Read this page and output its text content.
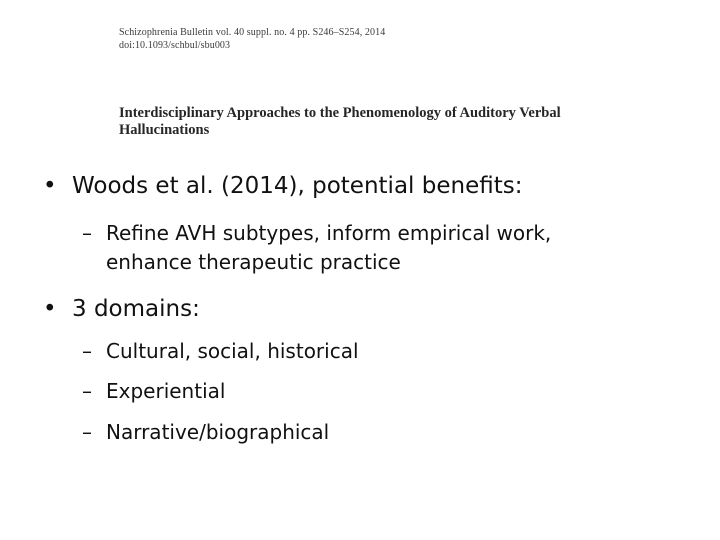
Schizophrenia Bulletin vol. 40 suppl. no. 4 pp. S246–S254, 2014
doi:10.1093/schbul/sbu003
Interdisciplinary Approaches to the Phenomenology of Auditory Verbal
Hallucinations
• Woods et al. (2014), potential benefits:
– Refine AVH subtypes, inform empirical work,
enhance therapeutic practice
• 3 domains:
– Cultural, social, historical
– Experiential
– Narrative/biographical
